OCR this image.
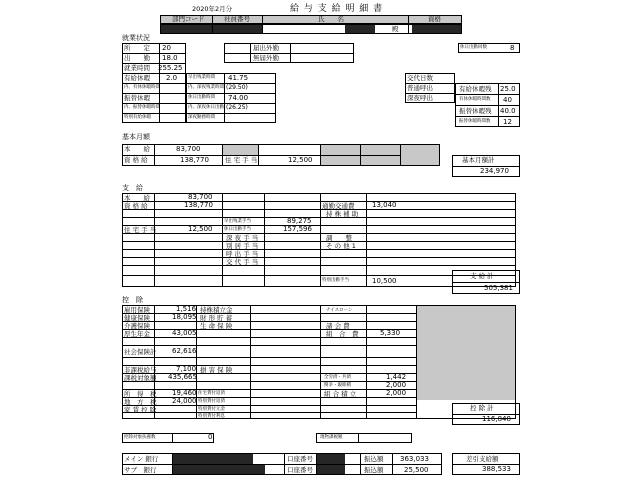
2020年2月分	給 与 支 給 明 細 書
部門コード	社員番号	氏　　名	資格
殿
就業状況
所　　定 20
出　　勤 18.0
就業時間 255.25
有給休暇 2.0
内、有休休暇時間
振替休暇
内、振替休暇時間
特別有給休暇
早出残業時間 41.75
内、深夜残業時間 (29.50)
休日出勤時間 74.00
内、深夜休日出勤 (26.25)
深夜勤務時間
届出外勤
無届外勤
休日出勤回数	8
交代日数
普通呼出
深夜呼出
有給休暇残 25.0
有休休暇時間数 40
振替休暇残 40.0
振替休暇時間数 12
基本月額
本　　給	83,700
資 格 給	138,770 住 宅 手 当	12,500	基本月額計
234,970
支　給
本　　給	83,700
資 格 給	138,770
住 宅 手 当	12,500
早出残業手当	89,275
休日出勤手当	157,596
深 夜 手 当
別 居 手 当
呼 出 手 当
交 代 手 当
通勤交通費	13,040
持 株 補 助
調　　整
そ の 他 1
特別出勤手当	10,500
支 給 計
505,381
控　除
雇用保険	1,516
健康保険	18,095
介護保険
厚生年金	43,005
社会保険計 62,616
非課税給与	7,100
課税対象額 435,665
所　得　税 19,460
地　方　税 24,000
家 賃 控 除
持株積立金
財 形 貯 蓄
生 命 保 険
損 害 保 険
住宅貸付返済
特別貸付返済
特別貸付元金
特別貸付利息
ナイスローン
諸 会 費
組　合　費	5,330
全労済・共済	1,442
関争・親睦積	2,000
組 合 積 立	2,000
控 除 計
116,848
控除対象扶養数	0	現物課税額
メイン 銀行
サブ　銀行
口座番号
口座番号
振込額
振込額
363,033
25,500
差引支給額
388,533
